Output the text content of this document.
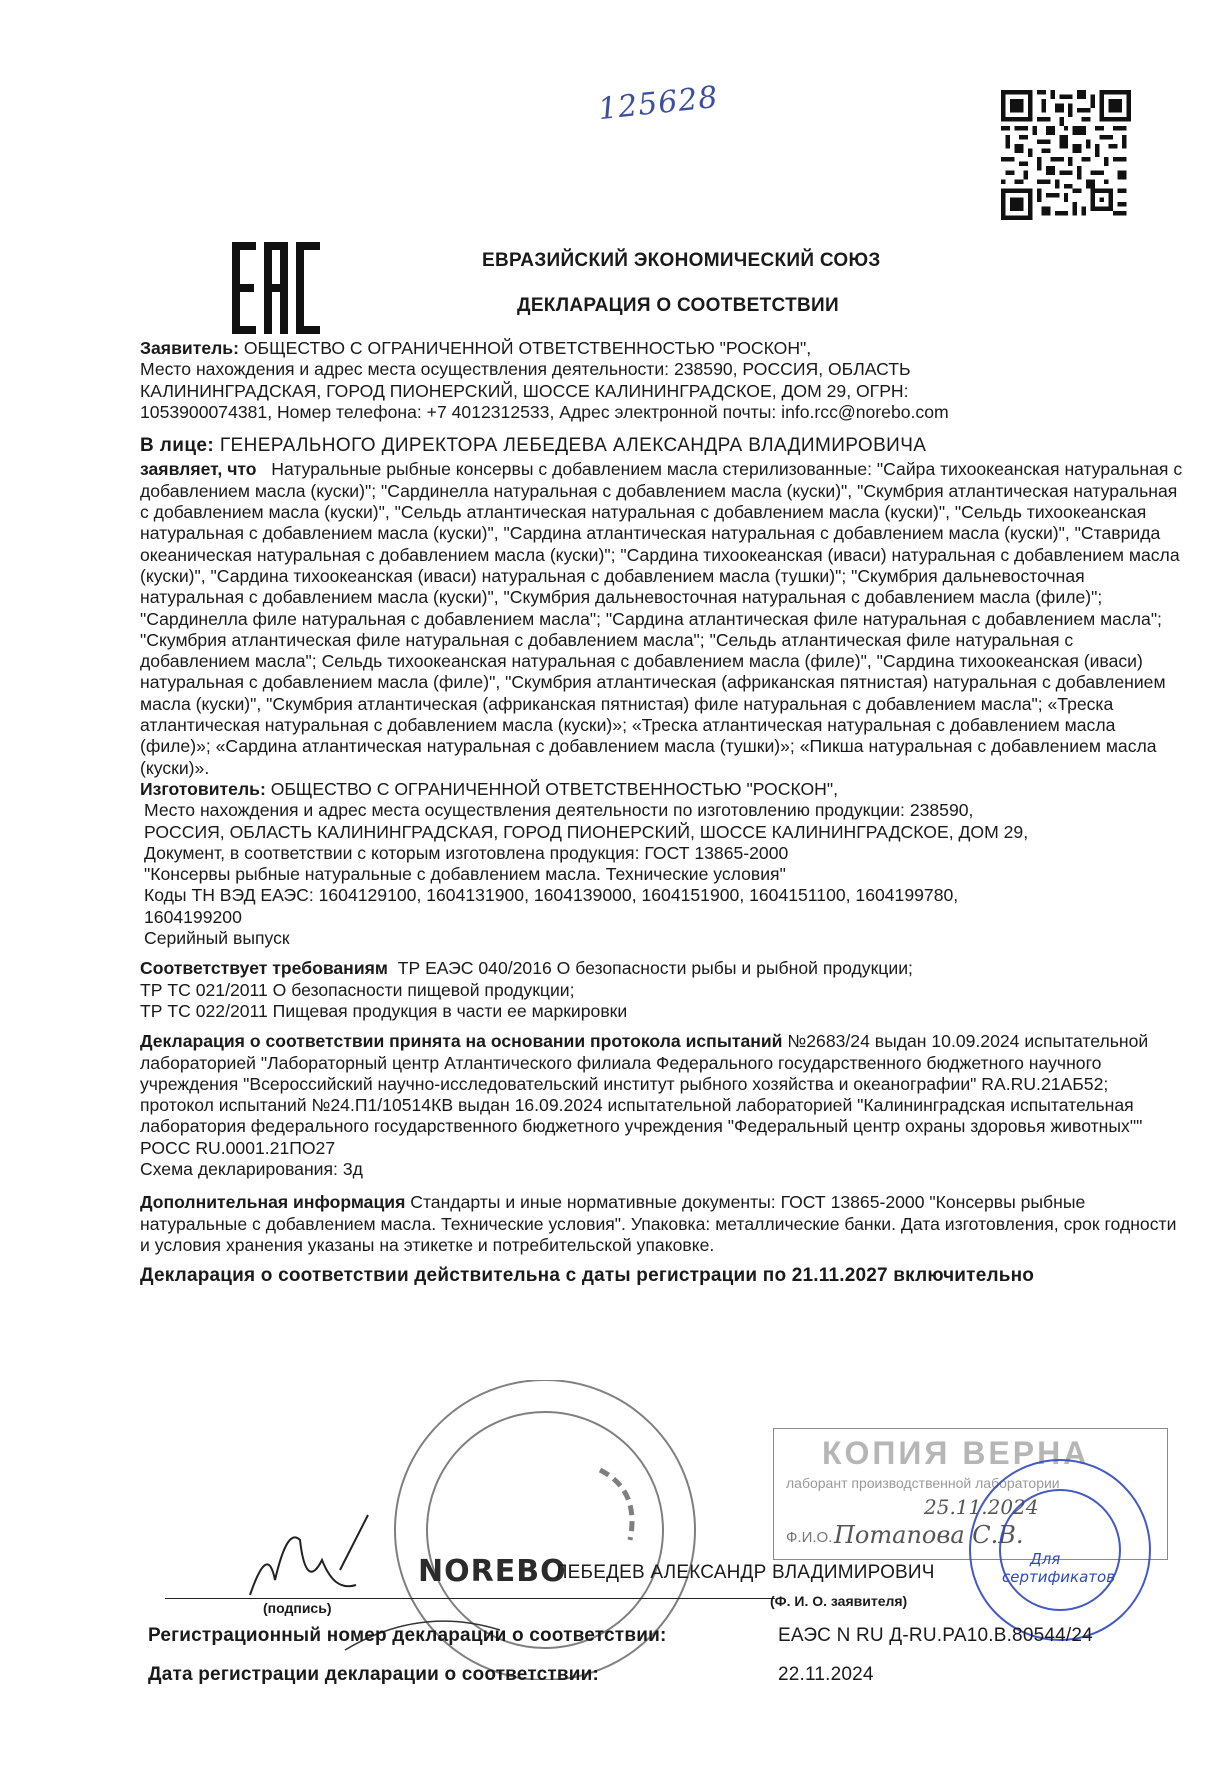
125628
ЕВРАЗИЙСКИЙ ЭКОНОМИЧЕСКИЙ СОЮЗ
ДЕКЛАРАЦИЯ О СООТВЕТСТВИИ

Заявитель: ОБЩЕСТВО С ОГРАНИЧЕННОЙ ОТВЕТСТВЕННОСТЬЮ "РОСКОН",

Место нахождения и адрес места осуществления деятельности: 238590, РОССИЯ, ОБЛАСТЬ

КАЛИНИНГРАДСКАЯ, ГОРОД ПИОНЕРСКИЙ, ШОССЕ КАЛИНИНГРАДСКОЕ, ДОМ 29, ОГРН:

1053900074381, Номер телефона: +7 4012312533, Адрес электронной почты: info.rcc@norebo.com

В лице: ГЕНЕРАЛЬНОГО ДИРЕКТОРА ЛЕБЕДЕВА АЛЕКСАНДРА ВЛАДИМИРОВИЧА

заявляет, что Натуральные рыбные консервы с добавлением масла стерилизованные: "Сайра тихоокеанская натуральная с добавлением масла (куски)"; "Сардинелла натуральная с добавлением масла (куски)", "Скумбрия атлантическая натуральная с добавлением масла (куски)", "Сельдь атлантическая натуральная с добавлением масла (куски)", "Сельдь тихоокеанская натуральная с добавлением масла (куски)", "Сардина атлантическая натуральная с добавлением масла (куски)", "Ставрида океаническая натуральная с добавлением масла (куски)"; "Сардина тихоокеанская (иваси) натуральная с добавлением масла (куски)", "Сардина тихоокеанская (иваси) натуральная с добавлением масла (тушки)"; "Скумбрия дальневосточная натуральная с добавлением масла (куски)", "Скумбрия дальневосточная натуральная с добавлением масла (филе)"; "Сардинелла филе натуральная с добавлением масла"; "Сардина атлантическая филе натуральная с добавлением масла"; "Скумбрия атлантическая филе натуральная с добавлением масла"; "Сельдь атлантическая филе натуральная с добавлением масла"; Сельдь тихоокеанская натуральная с добавлением масла (филе)", "Сардина тихоокеанская (иваси) натуральная с добавлением масла (филе)", "Скумбрия атлантическая (африканская пятнистая) натуральная с добавлением масла (куски)", "Скумбрия атлантическая (африканская пятнистая) филе натуральная с добавлением масла"; «Треска атлантическая натуральная с добавлением масла (куски)»; «Треска атлантическая натуральная с добавлением масла (филе)»; «Сардина атлантическая натуральная с добавлением масла (тушки)»; «Пикша натуральная с добавлением масла (куски)».

Изготовитель: ОБЩЕСТВО С ОГРАНИЧЕННОЙ ОТВЕТСТВЕННОСТЬЮ "РОСКОН",

Место нахождения и адрес места осуществления деятельности по изготовлению продукции: 238590,

РОССИЯ, ОБЛАСТЬ КАЛИНИНГРАДСКАЯ, ГОРОД ПИОНЕРСКИЙ, ШОССЕ КАЛИНИНГРАДСКОЕ, ДОМ 29,

Документ, в соответствии с которым изготовлена продукция: ГОСТ 13865-2000

"Консервы рыбные натуральные с добавлением масла. Технические условия"

Коды ТН ВЭД ЕАЭС: 1604129100, 1604131900, 1604139000, 1604151900, 1604151100, 1604199780,

1604199200

Серийный выпуск

Соответствует требованиям ТР ЕАЭС 040/2016 О безопасности рыбы и рыбной продукции;

ТР ТС 021/2011 О безопасности пищевой продукции;

ТР ТС 022/2011 Пищевая продукция в части ее маркировки

Декларация о соответствии принята на основании протокола испытаний №2683/24 выдан 10.09.2024 испытательной лабораторией "Лабораторный центр Атлантического филиала Федерального государственного бюджетного научного учреждения "Всероссийский научно-исследовательский институт рыбного хозяйства и океанографии" RA.RU.21АБ52; протокол испытаний №24.П1/10514КВ выдан 16.09.2024 испытательной лабораторией "Калининградская испытательная лаборатория федерального государственного бюджетного учреждения "Федеральный центр охраны здоровья животных"" РОСС RU.0001.21ПО27

Схема декларирования: 3д

Дополнительная информация Стандарты и иные нормативные документы: ГОСТ 13865-2000 "Консервы рыбные натуральные с добавлением масла. Технические условия". Упаковка: металлические банки. Дата изготовления, срок годности и условия хранения указаны на этикетке и потребительской упаковке.

Декларация о соответствии действительна с даты регистрации по 21.11.2027 включительно

КОПИЯ ВЕРНА
лаборант производственной лаборатории
25.11.2024
Ф.И.О. Потапова С.В.
NOREBO
ЛЕБЕДЕВ АЛЕКСАНДР ВЛАДИМИРОВИЧ
Для
сертификатов
(подпись)	(Ф. И. О. заявителя)
Регистрационный номер декларации о соответствии:	ЕАЭС N RU Д-RU.РА10.В.80544/24
Дата регистрации декларации о соответствии:	22.11.2024
